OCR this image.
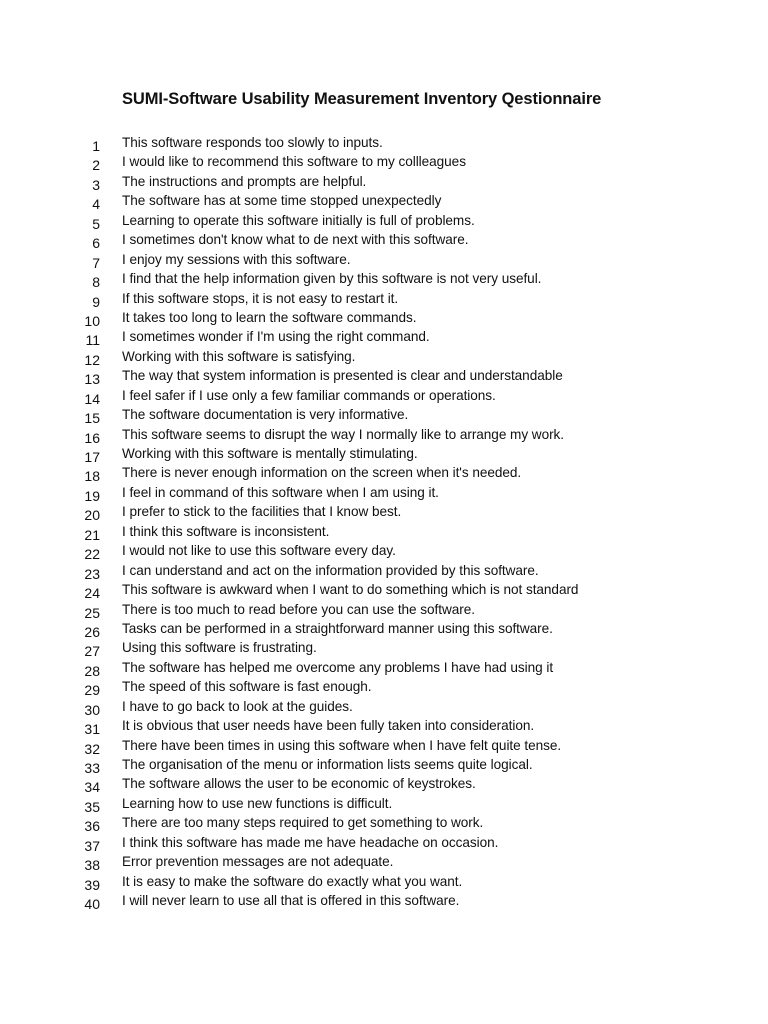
SUMI-Software Usability Measurement Inventory Qestionnaire
1 This software responds too slowly to inputs.
2 I would like to recommend this software to my collleagues
3 The instructions and prompts are helpful.
4 The software has at some time stopped unexpectedly
5 Learning to operate this software initially is full of problems.
6 I sometimes don't know what to de next with this software.
7 I enjoy my sessions with this software.
8 I find that the help information given by this software is not very useful.
9 If this software stops, it is not easy to restart it.
10 It takes too long to learn the software commands.
11 I sometimes wonder if I'm using the right command.
12 Working with this software is satisfying.
13 The way that system information is presented is clear and understandable
14 I feel safer if I use only a few familiar commands or operations.
15 The software documentation is very informative.
16 This software seems to disrupt the way I normally like to arrange my work.
17 Working with this software is mentally stimulating.
18 There is never enough information on the screen when it's needed.
19 I feel in command of this software when I am using it.
20 I prefer to stick to the facilities that I know best.
21 I think this software is inconsistent.
22 I would not like to use this software every day.
23 I can understand and act on the information provided by this software.
24 This software is awkward when I want to do something which is not standard
25 There is too much to read before you can use the software.
26 Tasks can be performed in a straightforward manner using this software.
27 Using this software is frustrating.
28 The software has helped me overcome any problems I have had using it
29 The speed of this software is fast enough.
30 I have to go back to look at the guides.
31 It is obvious that user needs have been fully taken into consideration.
32 There have been times in using this software when I have felt quite tense.
33 The organisation of the menu or information lists seems quite logical.
34 The software allows the user to be economic of keystrokes.
35 Learning how to use new functions is difficult.
36 There are too many steps required to get something to work.
37 I think this software has made me have headache on occasion.
38 Error prevention messages are not adequate.
39 It is easy to make the software do exactly what you want.
40 I will never learn to use all that is offered in this software.
